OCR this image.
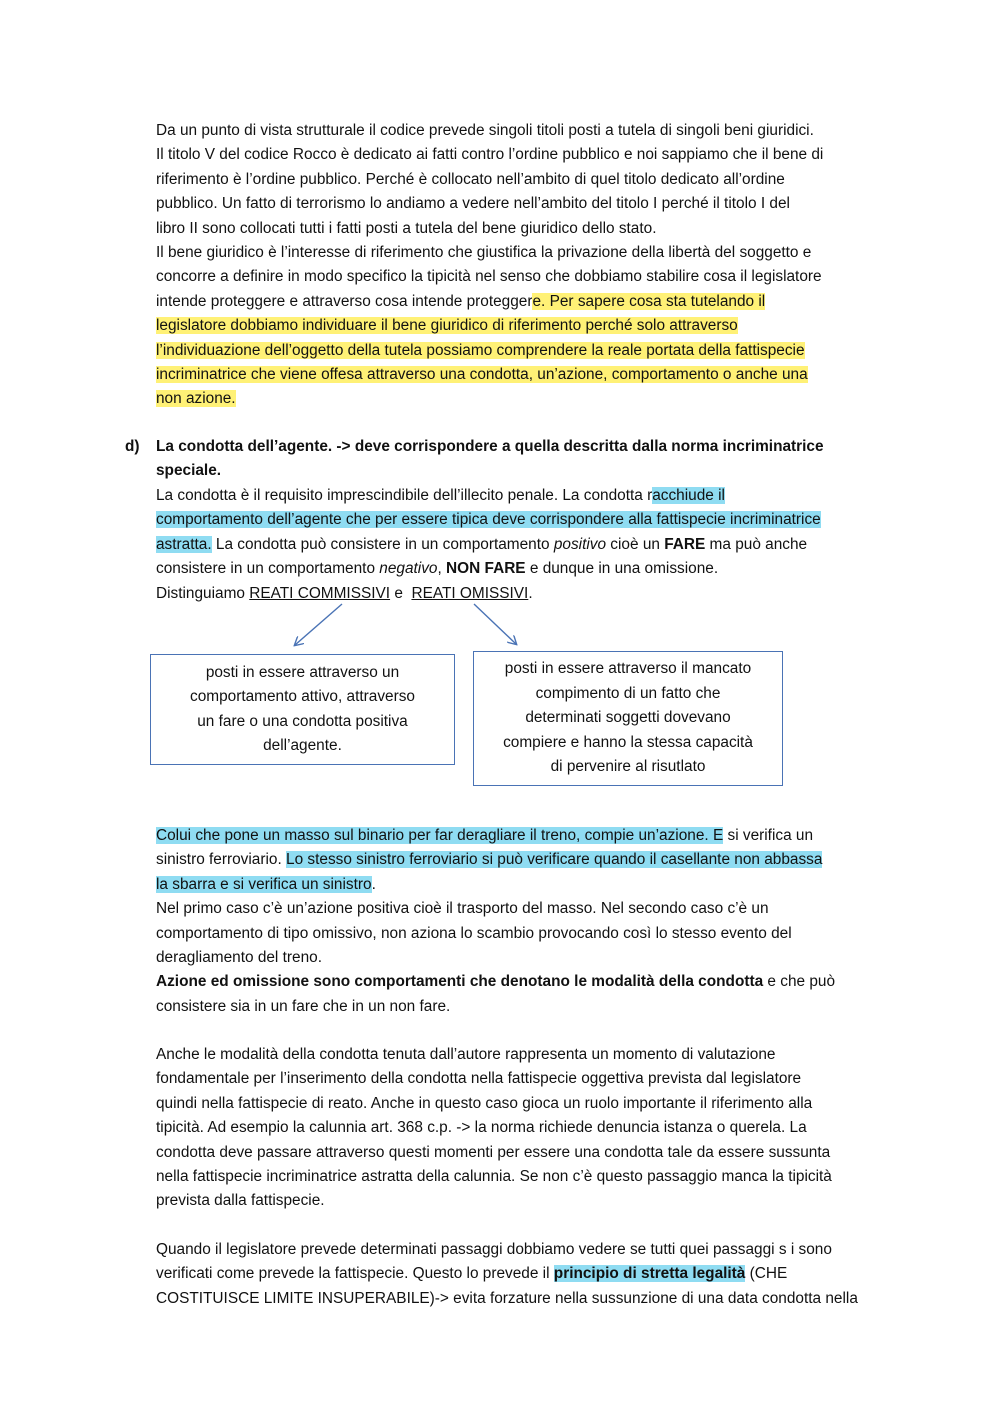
Da un punto di vista strutturale il codice prevede singoli titoli posti a tutela di singoli beni giuridici.
Il titolo V del codice Rocco è dedicato ai fatti contro l’ordine pubblico e noi sappiamo che il bene di
riferimento è l’ordine pubblico. Perché è collocato nell’ambito di quel titolo dedicato all’ordine
pubblico. Un fatto di terrorismo lo andiamo a vedere nell’ambito del titolo I perché il titolo I del
libro II sono collocati tutti i fatti posti a tutela del bene giuridico dello stato.
Il bene giuridico è l’interesse di riferimento che giustifica la privazione della libertà del soggetto e
concorre a definire in modo specifico la tipicità nel senso che dobbiamo stabilire cosa il legislatore
intende proteggere e attraverso cosa intende proteggere. Per sapere cosa sta tutelando il
legislatore dobbiamo individuare il bene giuridico di riferimento perché solo attraverso
l’individuazione dell’oggetto della tutela possiamo comprendere la reale portata della fattispecie
incriminatrice che viene offesa attraverso una condotta, un’azione, comportamento o anche una
non azione.
d) La condotta dell’agente. -> deve corrispondere a quella descritta dalla norma incriminatrice
speciale.
La condotta è il requisito imprescindibile dell’illecito penale. La condotta racchiude il
comportamento dell’agente che per essere tipica deve corrispondere alla fattispecie incriminatrice
astratta. La condotta può consistere in un comportamento positivo cioè un FARE ma può anche
consistere in un comportamento negativo, NON FARE e dunque in una omissione.
Distinguiamo REATI COMMISSIVI e  REATI OMISSIVI.
posti in essere attraverso un
comportamento attivo, attraverso
un fare o una condotta positiva
dell’agente.
posti in essere attraverso il mancato
compimento di un fatto che
determinati soggetti dovevano
compiere e hanno la stessa capacità
di pervenire al risutlato
Colui che pone un masso sul binario per far deragliare il treno, compie un’azione. E si verifica un
sinistro ferroviario. Lo stesso sinistro ferroviario si può verificare quando il casellante non abbassa
la sbarra e si verifica un sinistro.
Nel primo caso c’è un’azione positiva cioè il trasporto del masso. Nel secondo caso c’è un
comportamento di tipo omissivo, non aziona lo scambio provocando così lo stesso evento del
deragliamento del treno.
Azione ed omissione sono comportamenti che denotano le modalità della condotta e che può
consistere sia in un fare che in un non fare.
Anche le modalità della condotta tenuta dall’autore rappresenta un momento di valutazione
fondamentale per l’inserimento della condotta nella fattispecie oggettiva prevista dal legislatore
quindi nella fattispecie di reato. Anche in questo caso gioca un ruolo importante il riferimento alla
tipicità. Ad esempio la calunnia art. 368 c.p. -> la norma richiede denuncia istanza o querela. La
condotta deve passare attraverso questi momenti per essere una condotta tale da essere sussunta
nella fattispecie incriminatrice astratta della calunnia. Se non c’è questo passaggio manca la tipicità
prevista dalla fattispecie.
Quando il legislatore prevede determinati passaggi dobbiamo vedere se tutti quei passaggi s i sono
verificati come prevede la fattispecie. Questo lo prevede il principio di stretta legalità (CHE
COSTITUISCE LIMITE INSUPERABILE)-> evita forzature nella sussunzione di una data condotta nella
